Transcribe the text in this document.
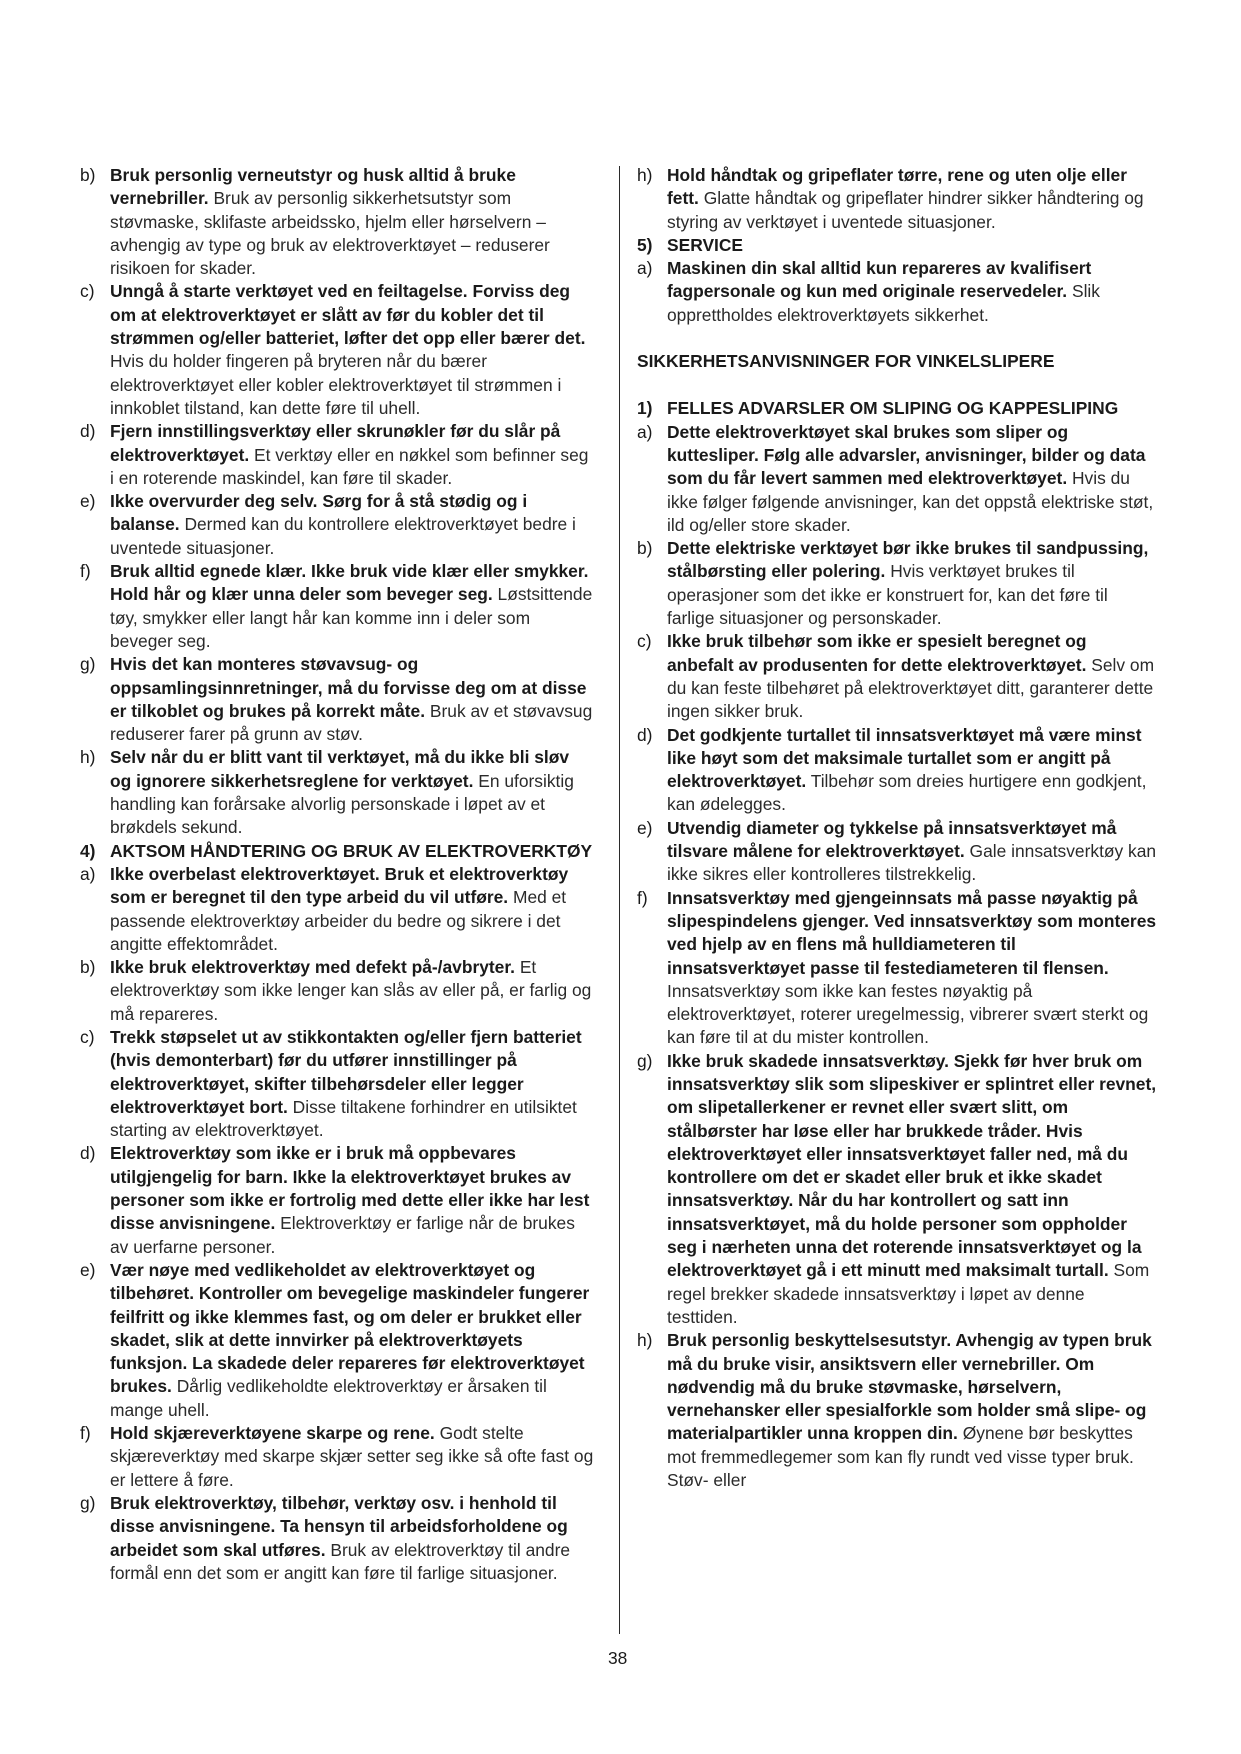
b) Bruk personlig verneutstyr og husk alltid å bruke vernebriller. Bruk av personlig sikkerhetsutstyr som støvmaske, sklifaste arbeidssko, hjelm eller hørselvern – avhengig av type og bruk av elektroverktøyet – reduserer risikoen for skader.
c) Unngå å starte verktøyet ved en feiltagelse. Forviss deg om at elektroverktøyet er slått av før du kobler det til strømmen og/eller batteriet, løfter det opp eller bærer det. Hvis du holder fingeren på bryteren når du bærer elektroverktøyet eller kobler elektroverktøyet til strømmen i innkoblet tilstand, kan dette føre til uhell.
d) Fjern innstillingsverktøy eller skrunøkler før du slår på elektroverktøyet. Et verktøy eller en nøkkel som befinner seg i en roterende maskindel, kan føre til skader.
e) Ikke overvurder deg selv. Sørg for å stå stødig og i balanse. Dermed kan du kontrollere elektroverktøyet bedre i uventede situasjoner.
f) Bruk alltid egnede klær. Ikke bruk vide klær eller smykker. Hold hår og klær unna deler som beveger seg. Løstsittende tøy, smykker eller langt hår kan komme inn i deler som beveger seg.
g) Hvis det kan monteres støvavsug- og oppsamlingsinnretninger, må du forvisse deg om at disse er tilkoblet og brukes på korrekt måte. Bruk av et støvavsug reduserer farer på grunn av støv.
h) Selv når du er blitt vant til verktøyet, må du ikke bli sløv og ignorere sikkerhetsreglene for verktøyet. En uforsiktig handling kan forårsake alvorlig personskade i løpet av et brøkdels sekund.
4) AKTSOM HÅNDTERING OG BRUK AV ELEKTROVERKTØY
a) Ikke overbelast elektroverktøyet. Bruk et elektroverktøy som er beregnet til den type arbeid du vil utføre. Med et passende elektroverktøy arbeider du bedre og sikrere i det angitte effektområdet.
b) Ikke bruk elektroverktøy med defekt på-/avbryter. Et elektroverktøy som ikke lenger kan slås av eller på, er farlig og må repareres.
c) Trekk støpselet ut av stikkontakten og/eller fjern batteriet (hvis demonterbart) før du utfører innstillinger på elektroverktøyet, skifter tilbehørsdeler eller legger elektroverktøyet bort. Disse tiltakene forhindrer en utilsiktet starting av elektroverktøyet.
d) Elektroverktøy som ikke er i bruk må oppbevares utilgjengelig for barn. Ikke la elektroverktøyet brukes av personer som ikke er fortrolig med dette eller ikke har lest disse anvisningene. Elektroverktøy er farlige når de brukes av uerfarne personer.
e) Vær nøye med vedlikeholdet av elektroverktøyet og tilbehøret. Kontroller om bevegelige maskindeler fungerer feilfritt og ikke klemmes fast, og om deler er brukket eller skadet, slik at dette innvirker på elektroverktøyets funksjon. La skadede deler repareres før elektroverktøyet brukes. Dårlig vedlikeholdte elektroverktøy er årsaken til mange uhell.
f) Hold skjæreverktøyene skarpe og rene. Godt stelte skjæreverktøy med skarpe skjær setter seg ikke så ofte fast og er lettere å føre.
g) Bruk elektroverktøy, tilbehør, verktøy osv. i henhold til disse anvisningene. Ta hensyn til arbeidsforholdene og arbeidet som skal utføres. Bruk av elektroverktøy til andre formål enn det som er angitt kan føre til farlige situasjoner.
h) Hold håndtak og gripeflater tørre, rene og uten olje eller fett. Glatte håndtak og gripeflater hindrer sikker håndtering og styring av verktøyet i uventede situasjoner.
5) SERVICE
a) Maskinen din skal alltid kun repareres av kvalifisert fagpersonale og kun med originale reservedeler. Slik opprettholdes elektroverktøyets sikkerhet.
SIKKERHETSANVISNINGER FOR VINKELSLIPERE
1) FELLES ADVARSLER OM SLIPING OG KAPPESLIPING
a) Dette elektroverktøyet skal brukes som sliper og kuttesliper. Følg alle advarsler, anvisninger, bilder og data som du får levert sammen med elektroverktøyet. Hvis du ikke følger følgende anvisninger, kan det oppstå elektriske støt, ild og/eller store skader.
b) Dette elektriske verktøyet bør ikke brukes til sandpussing, stålbørsting eller polering. Hvis verktøyet brukes til operasjoner som det ikke er konstruert for, kan det føre til farlige situasjoner og personskader.
c) Ikke bruk tilbehør som ikke er spesielt beregnet og anbefalt av produsenten for dette elektroverktøyet. Selv om du kan feste tilbehøret på elektroverktøyet ditt, garanterer dette ingen sikker bruk.
d) Det godkjente turtallet til innsatsverktøyet må være minst like høyt som det maksimale turtallet som er angitt på elektroverktøyet. Tilbehør som dreies hurtigere enn godkjent, kan ødelegges.
e) Utvendig diameter og tykkelse på innsatsverktøyet må tilsvare målene for elektroverktøyet. Gale innsatsverktøy kan ikke sikres eller kontrolleres tilstrekkelig.
f) Innsatsverktøy med gjengeinnsats må passe nøyaktig på slipespindelens gjenger. Ved innsatsverktøy som monteres ved hjelp av en flens må hulldiameteren til innsatsverktøyet passe til festediameteren til flensen. Innsatsverktøy som ikke kan festes nøyaktig på elektroverktøyet, roterer uregelmessig, vibrerer svært sterkt og kan føre til at du mister kontrollen.
g) Ikke bruk skadede innsatsverktøy. Sjekk før hver bruk om innsatsverktøy slik som slipeskiver er splintret eller revnet, om slipetallerkener er revnet eller svært slitt, om stålbørster har løse eller har brukkede tråder. Hvis elektroverktøyet eller innsatsverktøyet faller ned, må du kontrollere om det er skadet eller bruk et ikke skadet innsatsverktøy. Når du har kontrollert og satt inn innsatsverktøyet, må du holde personer som oppholder seg i nærheten unna det roterende innsatsverktøyet og la elektroverktøyet gå i ett minutt med maksimalt turtall. Som regel brekker skadede innsatsverktøy i løpet av denne testtiden.
h) Bruk personlig beskyttelsesutstyr. Avhengig av typen bruk må du bruke visir, ansiktsvern eller vernebriller. Om nødvendig må du bruke støvmaske, hørselvern, vernehansker eller spesialforkle som holder små slipe- og materialpartikler unna kroppen din. Øynene bør beskyttes mot fremmedlegemer som kan fly rundt ved visse typer bruk. Støv- eller
38
